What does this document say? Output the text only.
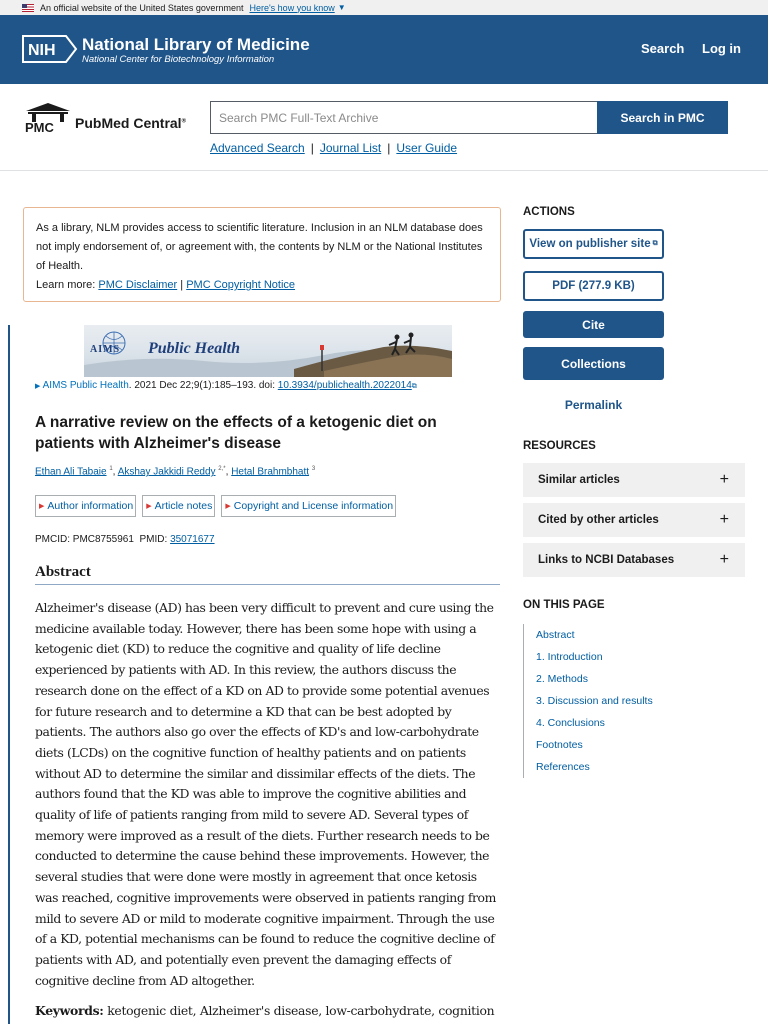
An official website of the United States government Here's how you know ▼
NIH National Library of Medicine
National Center for Biotechnology Information
Search Log in
PMC PubMed Central®
Search PMC Full-Text Archive	Search in PMC
Advanced Search | Journal List | User Guide
As a library, NLM provides access to scientific literature. Inclusion in an NLM database does not imply endorsement of, or agreement with, the contents by NLM or the National Institutes of Health.
Learn more: PMC Disclaimer | PMC Copyright Notice
AIMS Public Health
▶ AIMS Public Health. 2021 Dec 22;9(1):185–193. doi: 10.3934/publichealth.2022014⧉
A narrative review on the effects of a ketogenic diet on patients with Alzheimer's disease
Ethan Ali Tabaie $^1$, Akshay Jakkidi Reddy $^{2,*}$, Hetal Brahmbhatt $^3$
▶ Author information ▶ Article notes ▶ Copyright and License information
PMCID: PMC8755961 PMID: 35071677
Abstract

Alzheimer's disease (AD) has been very difficult to prevent and cure using the medicine available today. However, there has been some hope with using a ketogenic diet (KD) to reduce the cognitive and quality of life decline experienced by patients with AD. In this review, the authors discuss the research done on the effect of a KD on AD to provide some potential avenues for future research and to determine a KD that can be best adopted by patients. The authors also go over the effects of KD's and low-carbohydrate diets (LCDs) on the cognitive function of healthy patients and on patients without AD to determine the similar and dissimilar effects of the diets. The authors found that the KD was able to improve the cognitive abilities and quality of life of patients ranging from mild to severe AD. Several types of memory were improved as a result of the diets. Further research needs to be conducted to determine the cause behind these improvements. However, the several studies that were done were mostly in agreement that once ketosis was reached, cognitive improvements were observed in patients ranging from mild to severe AD or mild to moderate cognitive impairment. Through the use of a KD, potential mechanisms can be found to reduce the cognitive decline of patients with AD, and potentially even prevent the damaging effects of cognitive decline from AD altogether.

Keywords: ketogenic diet, Alzheimer's disease, low-carbohydrate, cognition
ACTIONS
View on publisher site ⧉
PDF (277.9 KB)
Cite
Collections
Permalink
RESOURCES
Similar articles	+
Cited by other articles	+
Links to NCBI Databases	+
ON THIS PAGE
Abstract
1. Introduction
2. Methods
3. Discussion and results
4. Conclusions
Footnotes
References
